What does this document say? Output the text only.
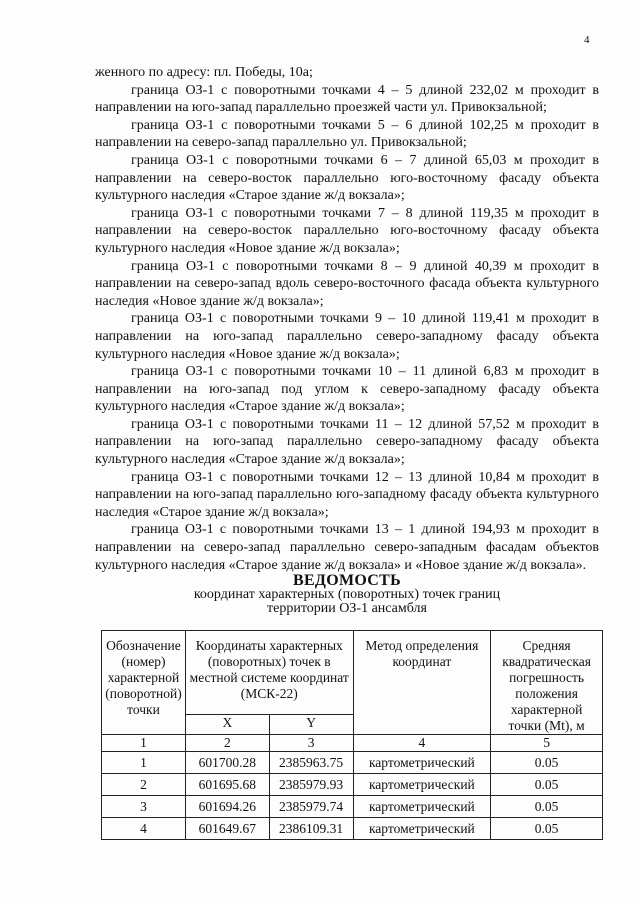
4

женного по адресу: пл. Победы, 10а;

граница ОЗ-1 с поворотными точками 4 – 5 длиной 232,02 м проходит в направлении на юго-запад параллельно проезжей части ул. Привокзальной;

граница ОЗ-1 с поворотными точками 5 – 6 длиной 102,25 м проходит в направлении на северо-запад параллельно ул. Привокзальной;

граница ОЗ-1 с поворотными точками 6 – 7 длиной 65,03 м проходит в направлении на северо-восток параллельно юго-восточному фасаду объекта культурного наследия «Старое здание ж/д вокзала»;

граница ОЗ-1 с поворотными точками 7 – 8 длиной 119,35 м проходит в направлении на северо-восток параллельно юго-восточному фасаду объекта культурного наследия «Новое здание ж/д вокзала»;

граница ОЗ-1 с поворотными точками 8 – 9 длиной 40,39 м проходит в направлении на северо-запад вдоль северо-восточного фасада объекта культурного наследия «Новое здание ж/д вокзала»;

граница ОЗ-1 с поворотными точками 9 – 10 длиной 119,41 м проходит в направлении на юго-запад параллельно северо-западному фасаду объекта культурного наследия «Новое здание ж/д вокзала»;

граница ОЗ-1 с поворотными точками 10 – 11 длиной 6,83 м проходит в направлении на юго-запад под углом к северо-западному фасаду объекта культурного наследия «Старое здание ж/д вокзала»;

граница ОЗ-1 с поворотными точками 11 – 12 длиной 57,52 м проходит в направлении на юго-запад параллельно северо-западному фасаду объекта культурного наследия «Старое здание ж/д вокзала»;

граница ОЗ-1 с поворотными точками 12 – 13 длиной 10,84 м проходит в направлении на юго-запад параллельно юго-западному фасаду объекта культурного наследия «Старое здание ж/д вокзала»;

граница ОЗ-1 с поворотными точками 13 – 1 длиной 194,93 м проходит в направлении на северо-запад параллельно северо-западным фасадам объектов культурного наследия «Старое здание ж/д вокзала» и «Новое здание ж/д вокзала».

ВЕДОМОСТЬ
координат характерных (поворотных) точек границ
территории ОЗ-1 ансамбля
Обозначение (номер) характерной (поворотной) точки	Координаты характерных (поворотных) точек в местной системе координат (МСК-22)		Метод определения координат	Средняя квадратическая погрешность положения характерной точки (Mt), м
	X	Y		
1	2	3	4	5
1	601700.28	2385963.75	картометрический	0.05
2	601695.68	2385979.93	картометрический	0.05
3	601694.26	2385979.74	картометрический	0.05
4	601649.67	2386109.31	картометрический	0.05
